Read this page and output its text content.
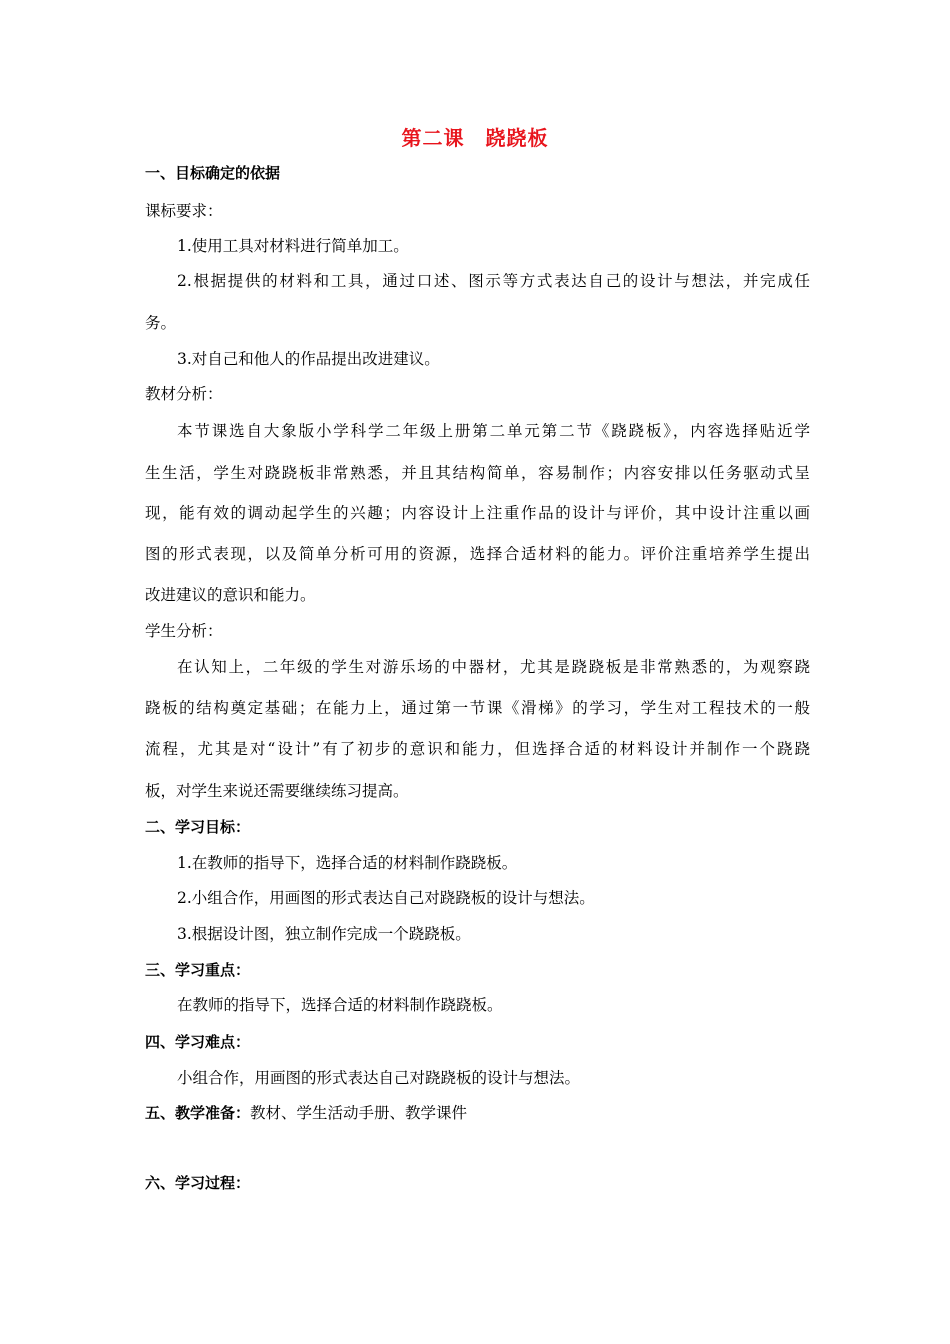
第二课　跷跷板
一、目标确定的依据
课标要求：
1.使用工具对材料进行简单加工。
2.根据提供的材料和工具，通过口述、图示等方式表达自己的设计与想法，并完成任
务。
3.对自己和他人的作品提出改进建议。
教材分析：
本节课选自大象版小学科学二年级上册第二单元第二节《跷跷板》，内容选择贴近学
生生活，学生对跷跷板非常熟悉，并且其结构简单，容易制作；内容安排以任务驱动式呈
现，能有效的调动起学生的兴趣；内容设计上注重作品的设计与评价，其中设计注重以画
图的形式表现，以及简单分析可用的资源，选择合适材料的能力。评价注重培养学生提出
改进建议的意识和能力。
学生分析：
在认知上，二年级的学生对游乐场的中器材，尤其是跷跷板是非常熟悉的，为观察跷
跷板的结构奠定基础；在能力上，通过第一节课《滑梯》的学习，学生对工程技术的一般
流程，尤其是对“设计”有了初步的意识和能力，但选择合适的材料设计并制作一个跷跷
板，对学生来说还需要继续练习提高。
二、学习目标：
1.在教师的指导下，选择合适的材料制作跷跷板。
2.小组合作，用画图的形式表达自己对跷跷板的设计与想法。
3.根据设计图，独立制作完成一个跷跷板。
三、学习重点：
在教师的指导下，选择合适的材料制作跷跷板。
四、学习难点：
小组合作，用画图的形式表达自己对跷跷板的设计与想法。
五、教学准备：教材、学生活动手册、教学课件
六、学习过程：
